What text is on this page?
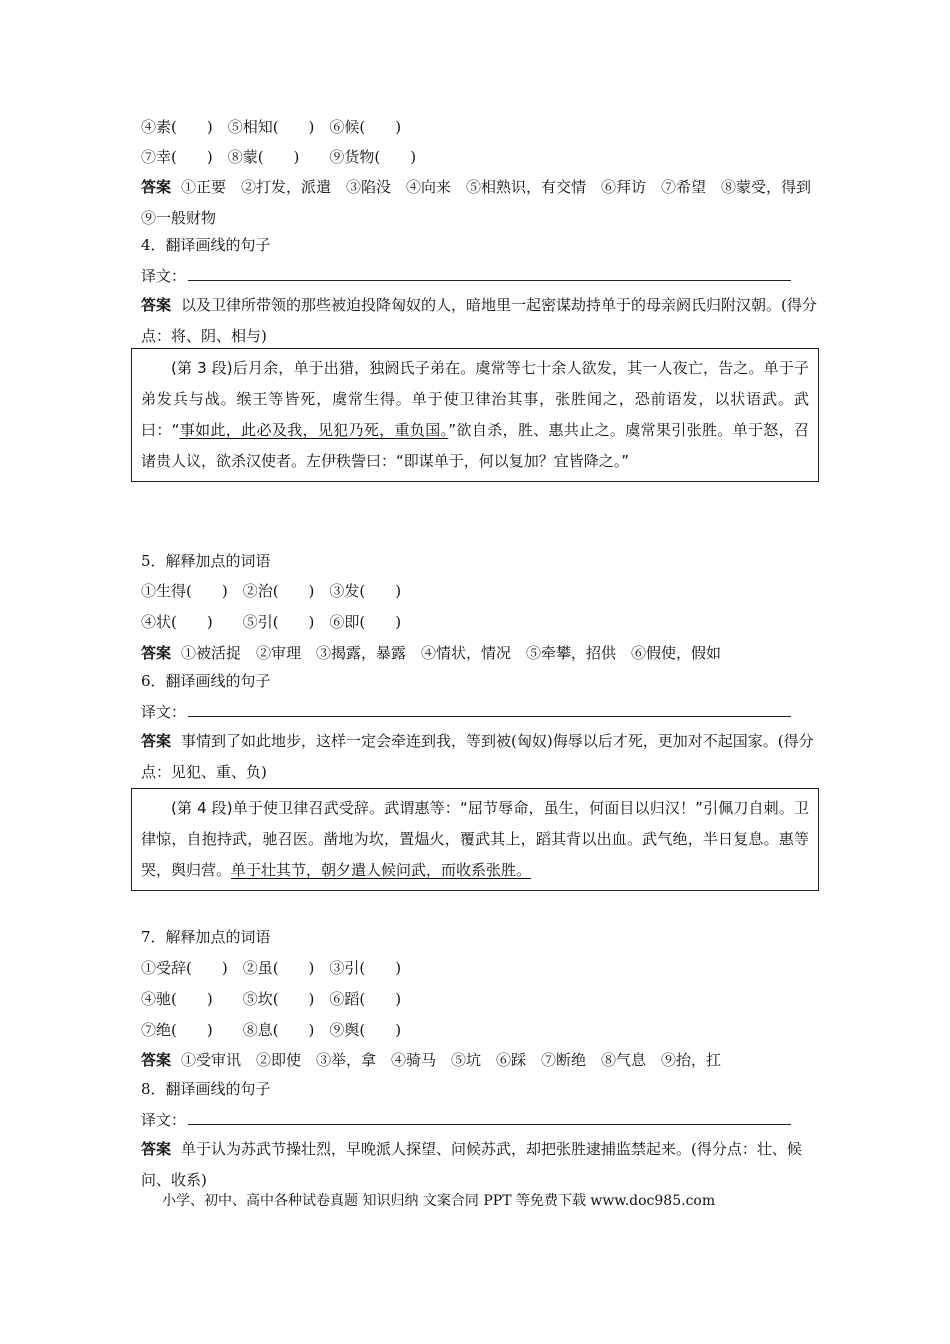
④素(　　)　⑤相知(　　)　⑥候(　　)
⑦幸(　　)　⑧蒙(　　)　　⑨货物(　　)
答案 ①正要　②打发，派遣　③陷没　④向来　⑤相熟识，有交情　⑥拜访　⑦希望　⑧蒙受，得到　⑨一般财物
4．翻译画线的句子
译文：
答案 以及卫律所带领的那些被迫投降匈奴的人，暗地里一起密谋劫持单于的母亲阏氏归附汉朝。(得分点：将、阴、相与)
(第 3 段)后月余，单于出猎，独阏氏子弟在。虞常等七十余人欲发，其一人夜亡，告之。单于子弟发兵与战。缑王等皆死，虞常生得。单于使卫律治其事，张胜闻之，恐前语发，以状语武。武曰：“事如此，此必及我，见犯乃死，重负国。”欲自杀，胜、惠共止之。虞常果引张胜。单于怒，召诸贵人议，欲杀汉使者。左伊秩訾曰：“即谋单于，何以复加？宜皆降之。”
5．解释加点的词语
①生得(　　)　②治(　　)　③发(　　)
④状(　　)　　⑤引(　　)　⑥即(　　)
答案 ①被活捉　②审理　③揭露，暴露　④情状，情况　⑤牵攀，招供　⑥假使，假如
6．翻译画线的句子
译文：
答案 事情到了如此地步，这样一定会牵连到我，等到被(匈奴)侮辱以后才死，更加对不起国家。(得分点：见犯、重、负)
(第 4 段)单于使卫律召武受辞。武谓惠等：“屈节辱命，虽生，何面目以归汉！”引佩刀自刺。卫律惊，自抱持武，驰召医。凿地为坎，置煴火，覆武其上，蹈其背以出血。武气绝，半日复息。惠等哭，舆归营。单于壮其节，朝夕遣人候问武，而收系张胜。
7．解释加点的词语
①受辞(　　)　②虽(　　)　③引(　　)
④驰(　　)　　⑤坎(　　)　⑥蹈(　　)
⑦绝(　　)　　⑧息(　　)　⑨舆(　　)
答案 ①受审讯　②即使　③举，拿　④骑马　⑤坑　⑥踩　⑦断绝　⑧气息　⑨抬，扛
8．翻译画线的句子
译文：
答案 单于认为苏武节操壮烈，早晚派人探望、问候苏武，却把张胜逮捕监禁起来。(得分点：壮、候问、收系)
小学、初中、高中各种试卷真题 知识归纳 文案合同 PPT 等免费下载 www.doc985.com
